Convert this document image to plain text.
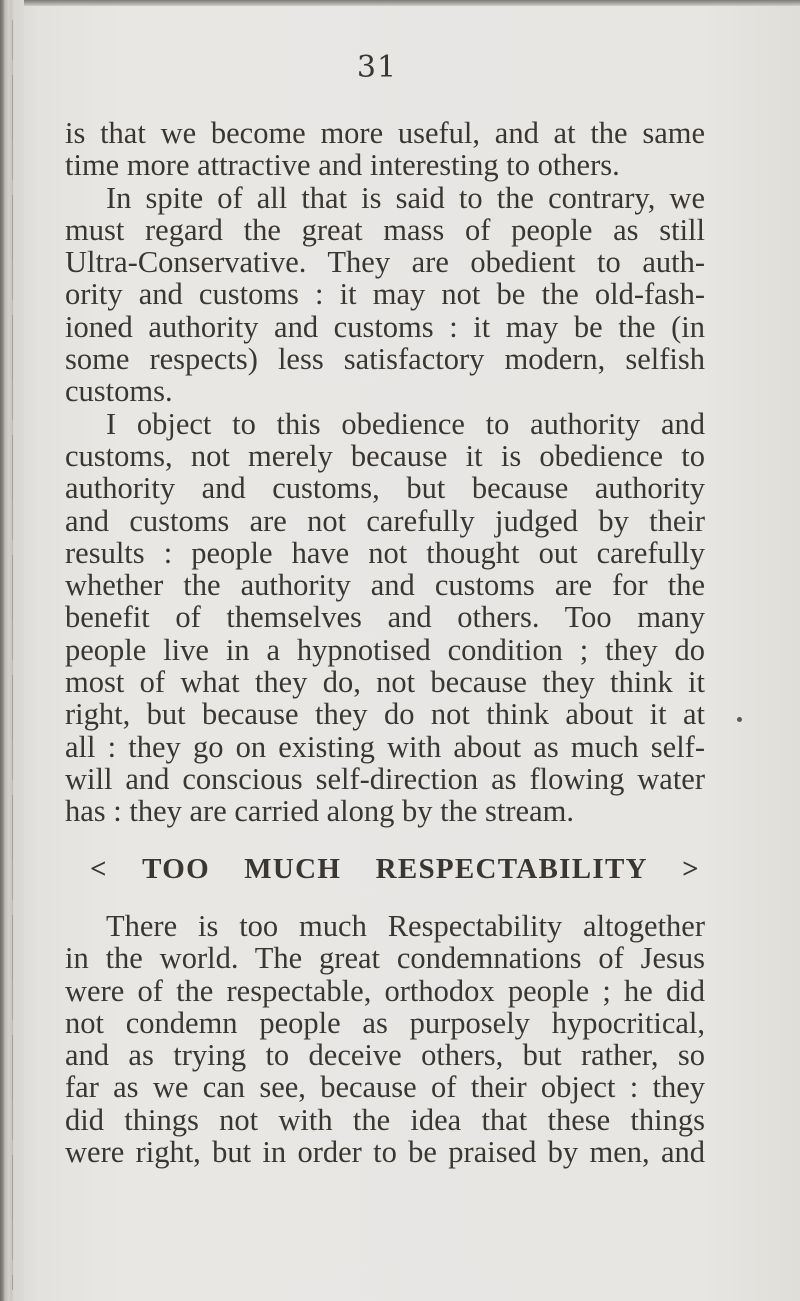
31
is that we become more useful, and at the same
time more attractive and interesting to others.
In spite of all that is said to the contrary, we
must regard the great mass of people as still
Ultra-Conservative. They are obedient to auth-
ority and customs : it may not be the old-fash-
ioned authority and customs : it may be the (in
some respects) less satisfactory modern, selfish
customs.
I object to this obedience to authority and
customs, not merely because it is obedience to
authority and customs, but because authority
and customs are not carefully judged by their
results : people have not thought out carefully
whether the authority and customs are for the
benefit of themselves and others. Too many
people live in a hypnotised condition ; they do
most of what they do, not because they think it
right, but because they do not think about it at
all : they go on existing with about as much self-
will and conscious self-direction as flowing water
has : they are carried along by the stream.
< TOO MUCH RESPECTABILITY >
There is too much Respectability altogether
in the world. The great condemnations of Jesus
were of the respectable, orthodox people ; he did
not condemn people as purposely hypocritical,
and as trying to deceive others, but rather, so
far as we can see, because of their object : they
did things not with the idea that these things
were right, but in order to be praised by men, and
